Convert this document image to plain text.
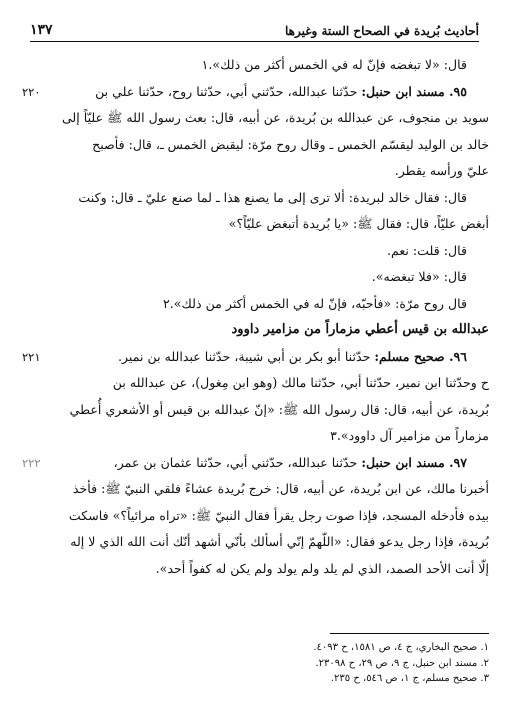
أحاديث بُريدة في الصحاح الستة وغيرها
١٣٧

قال: «لا تبغضه فإنّ له في الخمس أكثر من ذلك».١

٩٥. مسند ابن حنبل: حدّثنا عبدالله، حدّثني أبي، حدّثنا روح، حدّثنا علي بن
٢٢٠

سويد بن منجوف، عن عبدالله بن بُريدة، عن أبيه، قال: بعث رسول الله ﷺ عليّاً إلى

خالد بن الوليد ليقسّم الخمس ـ وقال روح مرّة: ليقبض الخمس ـ، قال: فأصبح

عليّ ورأسه يقطر.

قال: فقال خالد لبريدة: ألا ترى إلى ما يصنع هذا ـ لما صنع عليّ ـ قال: وكنت

أبغض عليّاً، قال: فقال ﷺ: «يا بُريدة أتبغض عليّاً؟»

قال: قلت: نعم.

قال: «فلا تبغضه».

قال روح مرّة: «فأحبّه، فإنّ له في الخمس أكثر من ذلك».٢

عبدالله بن قيس أعطي مزماراً من مزامير داوود

٩٦. صحيح مسلم: حدّثنا أبو بكر بن أبي شيبة، حدّثنا عبدالله بن نمير.
٢٢١

ح وحدّثنا ابن نمير، حدّثنا أبي، حدّثنا مالك (وهو ابن مِغول)، عن عبدالله بن

بُريدة، عن أبيه، قال: قال رسول الله ﷺ: «إنّ عبدالله بن قيس أو الأشعري أُعطي

مزماراً من مزامير آل داوود».٣

٩٧. مسند ابن حنبل: حدّثنا عبدالله، حدّثني أبي، حدّثنا عثمان بن عمر،
٢٢٢

أخبرنا مالك، عن ابن بُريدة، عن أبيه، قال: خرج بُريدة عشاءً فلقي النبيّ ﷺ: فأخذ

بيده فأدخله المسجد، فإذا صوت رجل يقرأ فقال النبيّ ﷺ: «تراه مرائياً؟» فاسكت

بُريدة، فإذا رجل يدعو فقال: «اللّهمّ إنّي أسألك بأنّي أشهد أنّك أنت الله الذي لا إله

إلّا أنت الأحد الصمد، الذي لم يلد ولم يولد ولم يكن له كفواً أحد».

١. صحيح البخاري، ج ٤، ص ١٥٨١، ح ٤٠٩٣.
٢. مسند ابن حنبل، ج ٩، ص ٢٩، ح ٢٣٠٩٨.
٣. صحيح مسلم، ج ١، ص ٥٤٦، ح ٢٣٥.
